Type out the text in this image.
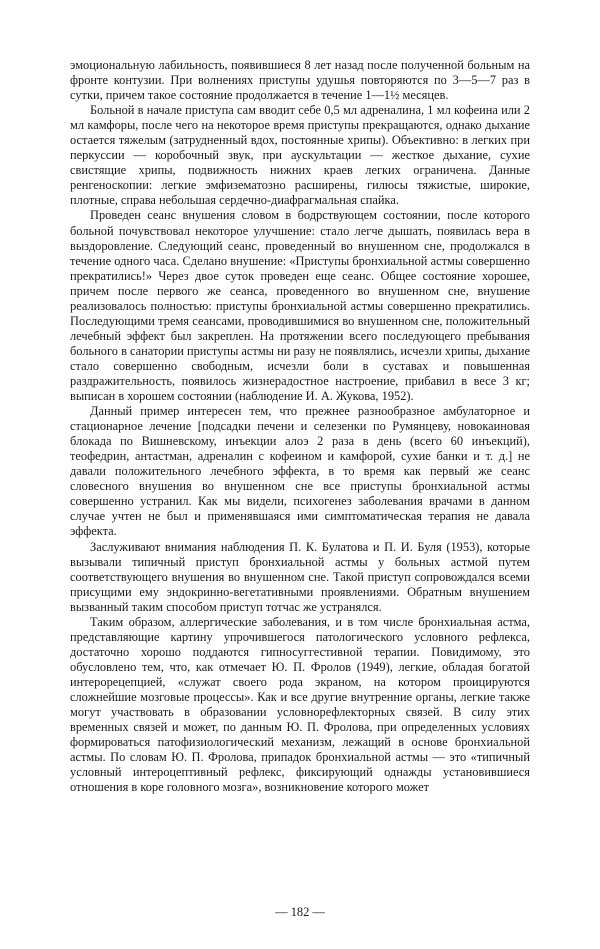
эмоциональную лабильность, появившиеся 8 лет назад после полученной больным на фронте контузии. При волнениях приступы удушья повторяются по 3—5—7 раз в сутки, причем такое состояние продолжается в течение 1—1½ месяцев.

Больной в начале приступа сам вводит себе 0,5 мл адреналина, 1 мл кофеина или 2 мл камфоры, после чего на некоторое время приступы прекращаются, однако дыхание остается тяжелым (затрудненный вдох, постоянные хрипы). Объективно: в легких при перкуссии — коробочный звук, при аускультации — жесткое дыхание, сухие свистящие хрипы, подвижность нижних краев легких ограничена. Данные ренгеноскопии: легкие эмфизематозно расширены, гилюсы тяжистые, широкие, плотные, справа небольшая сердечно-диафрагмальная спайка.

Проведен сеанс внушения словом в бодрствующем состоянии, после которого больной почувствовал некоторое улучшение: стало легче дышать, появилась вера в выздоровление. Следующий сеанс, проведенный во внушенном сне, продолжался в течение одного часа. Сделано внушение: «Приступы бронхиальной астмы совершенно прекратились!» Через двое суток проведен еще сеанс. Общее состояние хорошее, причем после первого же сеанса, проведенного во внушенном сне, внушение реализовалось полностью: приступы бронхиальной астмы совершенно прекратились. Последующими тремя сеансами, проводившимися во внушенном сне, положительный лечебный эффект был закреплен. На протяжении всего последующего пребывания больного в санатории приступы астмы ни разу не появлялись, исчезли хрипы, дыхание стало совершенно свободным, исчезли боли в суставах и повышенная раздражительность, появилось жизнерадостное настроение, прибавил в весе 3 кг; выписан в хорошем состоянии (наблюдение И. А. Жукова, 1952).

Данный пример интересен тем, что прежнее разнообразное амбулаторное и стационарное лечение [подсадки печени и селезенки по Румянцеву, новокаиновая блокада по Вишневскому, инъекции алоэ 2 раза в день (всего 60 инъекций), теофедрин, антастман, адреналин с кофеином и камфорой, сухие банки и т. д.] не давали положительного лечебного эффекта, в то время как первый же сеанс словесного внушения во внушенном сне все приступы бронхиальной астмы совершенно устранил. Как мы видели, психогенез заболевания врачами в данном случае учтен не был и применявшаяся ими симптоматическая терапия не давала эффекта.

Заслуживают внимания наблюдения П. К. Булатова и П. И. Буля (1953), которые вызывали типичный приступ бронхиальной астмы у больных астмой путем соответствующего внушения во внушенном сне. Такой приступ сопровождался всеми присущими ему эндокринно-вегетативными проявлениями. Обратным внушением вызванный таким способом приступ тотчас же устранялся.

Таким образом, аллергические заболевания, и в том числе бронхиальная астма, представляющие картину упрочившегося патологического условного рефлекса, достаточно хорошо поддаются гипносуггестивной терапии. Повидимому, это обусловлено тем, что, как отмечает Ю. П. Фролов (1949), легкие, обладая богатой интерорецепцией, «служат своего рода экраном, на котором проицируются сложнейшие мозговые процессы». Как и все другие внутренние органы, легкие также могут участвовать в образовании условнорефлекторных связей. В силу этих временных связей и может, по данным Ю. П. Фролова, при определенных условиях формироваться патофизиологический механизм, лежащий в основе бронхиальной астмы. По словам Ю. П. Фролова, припадок бронхиальной астмы — это «типичный условный интероцептивный рефлекс, фиксирующий однажды установившиеся отношения в коре головного мозга», возникновение которого может

— 182 —
